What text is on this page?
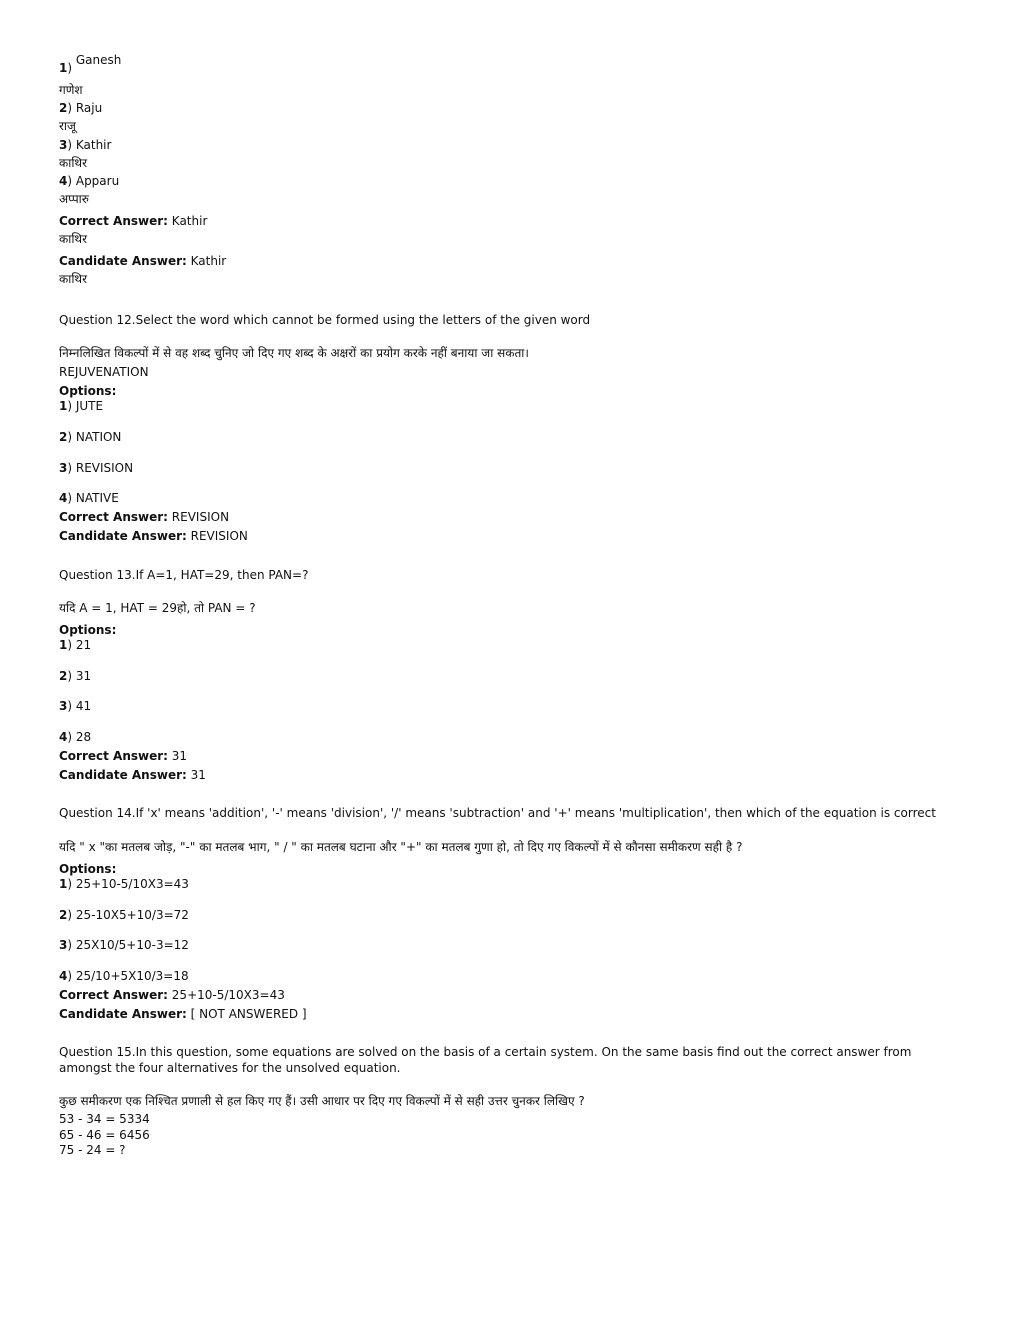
1) Ganesh
गणेश
2) Raju
राजू
3) Kathir
काथिर
4) Apparu
अप्पारु
Correct Answer: Kathir
काथिर
Candidate Answer: Kathir
काथिर
Question 12.Select the word which cannot be formed using the letters of the given word
निम्नलिखित विकल्पों में से वह शब्द चुनिए जो दिए गए शब्द के अक्षरों का प्रयोग करके नहीं बनाया जा सकता।
REJUVENATION
Options:
1) JUTE
2) NATION
3) REVISION
4) NATIVE
Correct Answer: REVISION
Candidate Answer: REVISION
Question 13.If A=1, HAT=29, then PAN=?
यदि A = 1, HAT = 29हो, तो PAN = ?
Options:
1) 21
2) 31
3) 41
4) 28
Correct Answer: 31
Candidate Answer: 31
Question 14.If 'x' means 'addition', '-' means 'division', '/' means 'subtraction' and '+' means 'multiplication', then which of the equation is correct
यदि " x "का मतलब जोड़, "-" का मतलब भाग, " / " का मतलब घटाना और "+" का मतलब गुणा हो, तो दिए गए विकल्पों में से कौनसा समीकरण सही है ?
Options:
1) 25+10-5/10X3=43
2) 25-10X5+10/3=72
3) 25X10/5+10-3=12
4) 25/10+5X10/3=18
Correct Answer: 25+10-5/10X3=43
Candidate Answer: [ NOT ANSWERED ]
Question 15.In this question, some equations are solved on the basis of a certain system. On the same basis find out the correct answer from amongst the four alternatives for the unsolved equation.
कुछ समीकरण एक निश्चित प्रणाली से हल किए गए हैं। उसी आधार पर दिए गए विकल्पों में से सही उत्तर चुनकर लिखिए ?
53 - 34 = 5334
65 - 46 = 6456
75 - 24 = ?
